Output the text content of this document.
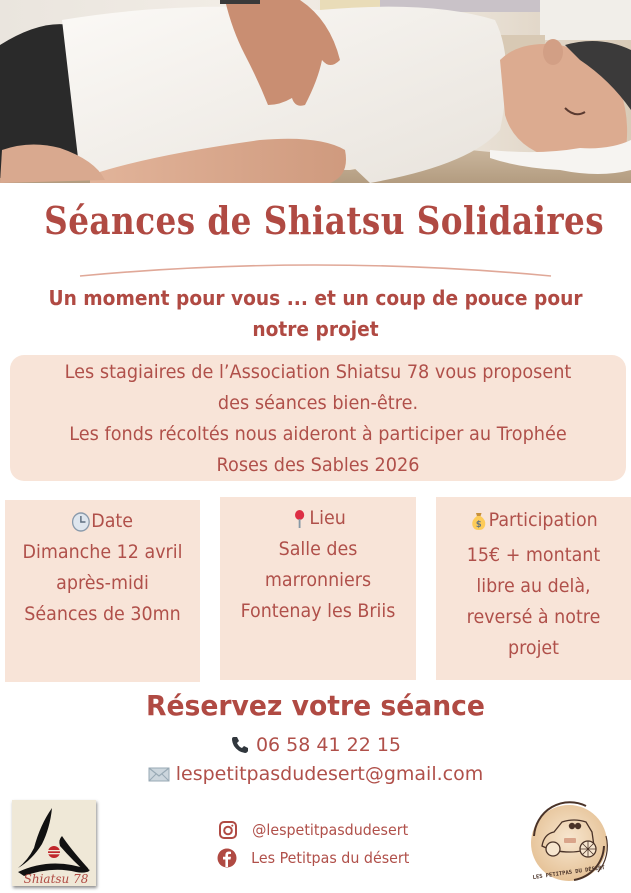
Séances de Shiatsu Solidaires
Un moment pour vous ... et un coup de pouce pour
notre projet
Les stagiaires de l’Association Shiatsu 78 vous proposent
des séances bien-être.
Les fonds récoltés nous aideront à participer au Trophée
Roses des Sables 2026
Date
Dimanche 12 avril
après-midi
Séances de 30mn
Lieu
Salle des
marronniers
Fontenay les Briis
$ Participation
15€ + montant
libre au delà,
reversé à notre
projet
Réservez votre séance
06 58 41 22 15
lespetitpasdudesert@gmail.com
Shiatsu 78
@lespetitpasdudesert
Les Petitpas du désert
LES PETITPAS DU DÉSERT
